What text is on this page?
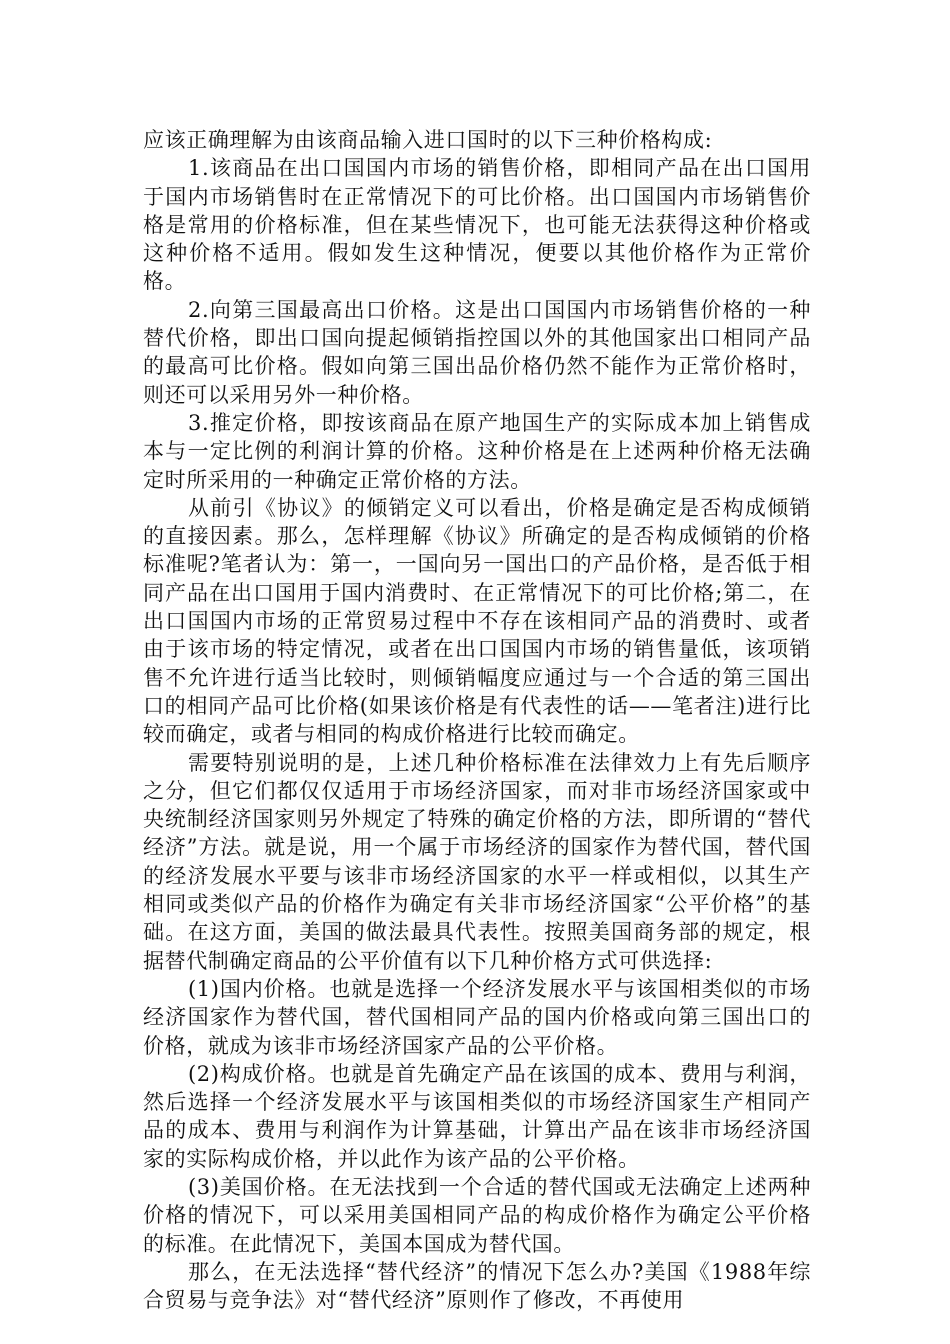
应该正确理解为由该商品输入进口国时的以下三种价格构成:

1.该商品在出口国国内市场的销售价格，即相同产品在出口国用于国内市场销售时在正常情况下的可比价格。出口国国内市场销售价格是常用的价格标准，但在某些情况下，也可能无法获得这种价格或这种价格不适用。假如发生这种情况，便要以其他价格作为正常价格。

2.向第三国最高出口价格。这是出口国国内市场销售价格的一种替代价格，即出口国向提起倾销指控国以外的其他国家出口相同产品的最高可比价格。假如向第三国出品价格仍然不能作为正常价格时，则还可以采用另外一种价格。

3.推定价格，即按该商品在原产地国生产的实际成本加上销售成本与一定比例的利润计算的价格。这种价格是在上述两种价格无法确定时所采用的一种确定正常价格的方法。

从前引《协议》的倾销定义可以看出，价格是确定是否构成倾销的直接因素。那么，怎样理解《协议》所确定的是否构成倾销的价格标准呢?笔者认为：第一，一国向另一国出口的产品价格，是否低于相同产品在出口国用于国内消费时、在正常情况下的可比价格;第二，在出口国国内市场的正常贸易过程中不存在该相同产品的消费时、或者由于该市场的特定情况，或者在出口国国内市场的销售量低，该项销售不允许进行适当比较时，则倾销幅度应通过与一个合适的第三国出口的相同产品可比价格(如果该价格是有代表性的话——笔者注)进行比较而确定，或者与相同的构成价格进行比较而确定。

需要特别说明的是，上述几种价格标准在法律效力上有先后顺序之分，但它们都仅仅适用于市场经济国家，而对非市场经济国家或中央统制经济国家则另外规定了特殊的确定价格的方法，即所谓的“替代经济”方法。就是说，用一个属于市场经济的国家作为替代国，替代国的经济发展水平要与该非市场经济国家的水平一样或相似，以其生产相同或类似产品的价格作为确定有关非市场经济国家“公平价格”的基础。在这方面，美国的做法最具代表性。按照美国商务部的规定，根据替代制确定商品的公平价值有以下几种价格方式可供选择:

(1)国内价格。也就是选择一个经济发展水平与该国相类似的市场经济国家作为替代国，替代国相同产品的国内价格或向第三国出口的价格，就成为该非市场经济国家产品的公平价格。

(2)构成价格。也就是首先确定产品在该国的成本、费用与利润，然后选择一个经济发展水平与该国相类似的市场经济国家生产相同产品的成本、费用与利润作为计算基础，计算出产品在该非市场经济国家的实际构成价格，并以此作为该产品的公平价格。

(3)美国价格。在无法找到一个合适的替代国或无法确定上述两种价格的情况下，可以采用美国相同产品的构成价格作为确定公平价格的标准。在此情况下，美国本国成为替代国。

那么，在无法选择“替代经济”的情况下怎么办?美国《1988年综合贸易与竞争法》对“替代经济”原则作了修改，不再使用
